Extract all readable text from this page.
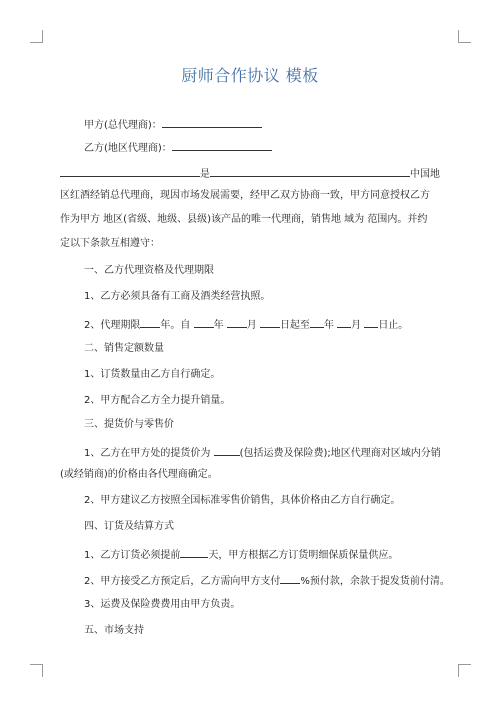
厨师合作协议 模板
甲方(总代理商)：
乙方(地区代理商)：
是	中国地
区红酒经销总代理商，现因市场发展需要，经甲乙双方协商一致，甲方同意授权乙方
作为甲方 地区(省级、地级、县级)该产品的唯一代理商，销售地 域为 范围内。并约
定以下条款互相遵守：
一、乙方代理资格及代理期限
1、乙方必须具备有工商及酒类经营执照。
2、代理期限 年。自 年 月 日起至 年 月 日止。
二、销售定额数量
1、订货数量由乙方自行确定。
2、甲方配合乙方全力提升销量。
三、提货价与零售价
1、乙方在甲方处的提货价为	(包括运费及保险费);地区代理商对区域内分销
(或经销商)的价格由各代理商确定。
2、甲方建议乙方按照全国标准零售价销售，具体价格由乙方自行确定。
四、订货及结算方式
1、乙方订货必须提前	天，甲方根据乙方订货明细保质保量供应。
2、甲方接受乙方预定后，乙方需向甲方支付 %预付款，余款于提发货前付清。
3、运费及保险费费用由甲方负责。
五、市场支持
